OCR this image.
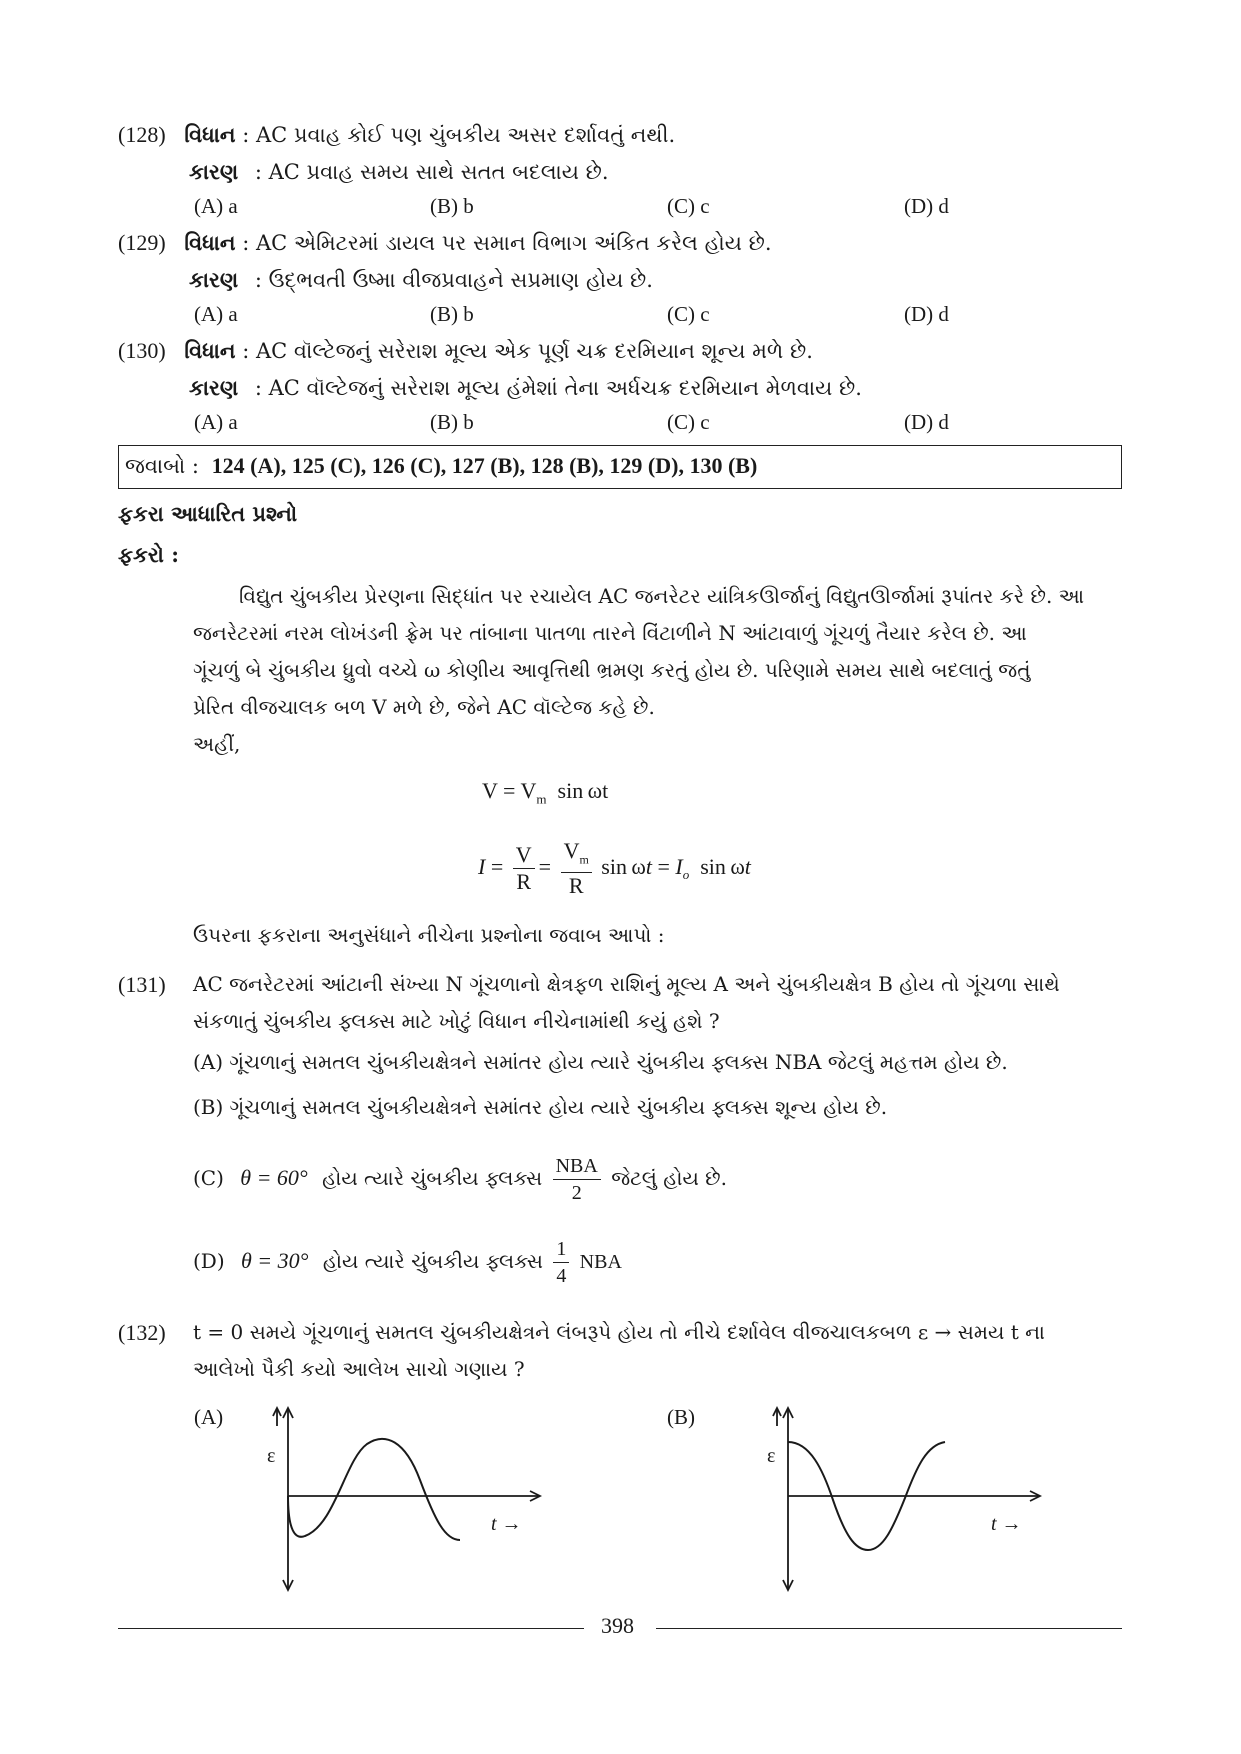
(128) વિધાન : AC પ્રવાહ કોઈ પણ ચુંબકીય અસર દર્શાવતું નથી.
કારણ : AC પ્રવાહ સમય સાથે સતત બદલાય છે.
(A) a	(B) b	(C) c	(D) d
(129) વિધાન : AC એમિટરમાં ડાયલ પર સમાન વિભાગ અંકિત કરેલ હોય છે.
કારણ : ઉદ્‌ભવતી ઉષ્મા વીજપ્રવાહને સપ્રમાણ હોય છે.
(A) a	(B) b	(C) c	(D) d
(130) વિધાન : AC વૉલ્ટેજનું સરેરાશ મૂલ્ય એક પૂર્ણ ચક્ર દરમિયાન શૂન્ય મળે છે.
કારણ : AC વૉલ્ટેજનું સરેરાશ મૂલ્ય હંમેશાં તેના અર્ધચક્ર દરમિયાન મેળવાય છે.
(A) a	(B) b	(C) c	(D) d
જવાબો : 124 (A), 125 (C), 126 (C), 127 (B), 128 (B), 129 (D), 130 (B)
ફકરા આધારિત પ્રશ્નો
ફકરો :
વિદ્યુત ચુંબકીય પ્રેરણના સિદ્ધાંત પર રચાયેલ AC જનરેટર યાંત્રિકઊર્જાનું વિદ્યુતઊર્જામાં રૂપાંતર કરે છે. આ
જનરેટરમાં નરમ લોખંડની ફ્રેમ પર તાંબાના પાતળા તારને વિંટાળીને N આંટાવાળું ગૂંચળું તૈયાર કરેલ છે. આ
ગૂંચળું બે ચુંબકીય ધ્રુવો વચ્ચે ω કોણીય આવૃત્તિથી ભ્રમણ કરતું હોય છે. પરિણામે સમય સાથે બદલાતું જતું
પ્રેરિત વીજચાલક બળ V મળે છે, જેને AC વૉલ્ટેજ કહે છે.
અહીં,
$V = V_m$  sin ωt
$I = \frac{V}{R} = \frac{V_m}{R}$ $\sin \omega t = I_o$  sin ωt
ઉપરના ફકરાના અનુસંધાને નીચેના પ્રશ્નોના જવાબ આપો :
(131) AC જનરેટરમાં આંટાની સંખ્યા N ગૂંચળાનો ક્ષેત્રફળ રાશિનું મૂલ્ય A અને ચુંબકીયક્ષેત્ર B હોય તો ગૂંચળા સાથે
સંકળાતું ચુંબકીય ફ્લક્સ માટે ખોટું વિધાન નીચેનામાંથી કયું હશે ?
(A) ગૂંચળાનું સમતલ ચુંબકીયક્ષેત્રને સમાંતર હોય ત્યારે ચુંબકીય ફ્લક્સ NBA જેટલું મહત્તમ હોય છે.
(B) ગૂંચળાનું સમતલ ચુંબકીયક્ષેત્રને સમાંતર હોય ત્યારે ચુંબકીય ફ્લક્સ શૂન્ય હોય છે.
(C) θ = 60° હોય ત્યારે ચુંબકીય ફ્લક્સ $\frac{\text{NBA}}{2}$ જેટલું હોય છે.
(D) θ = 30° હોય ત્યારે ચુંબકીય ફ્લક્સ $\frac{1}{4}$ NBA
(132) t = 0 સમયે ગૂંચળાનું સમતલ ચુંબકીયક્ષેત્રને લંબરૂપે હોય તો નીચે દર્શાવેલ વીજચાલકબળ ε → સમય t ના
આલેખો પૈકી કયો આલેખ સાચો ગણાય ?
(A)
ε
t →
(B)
ε
t →
398
